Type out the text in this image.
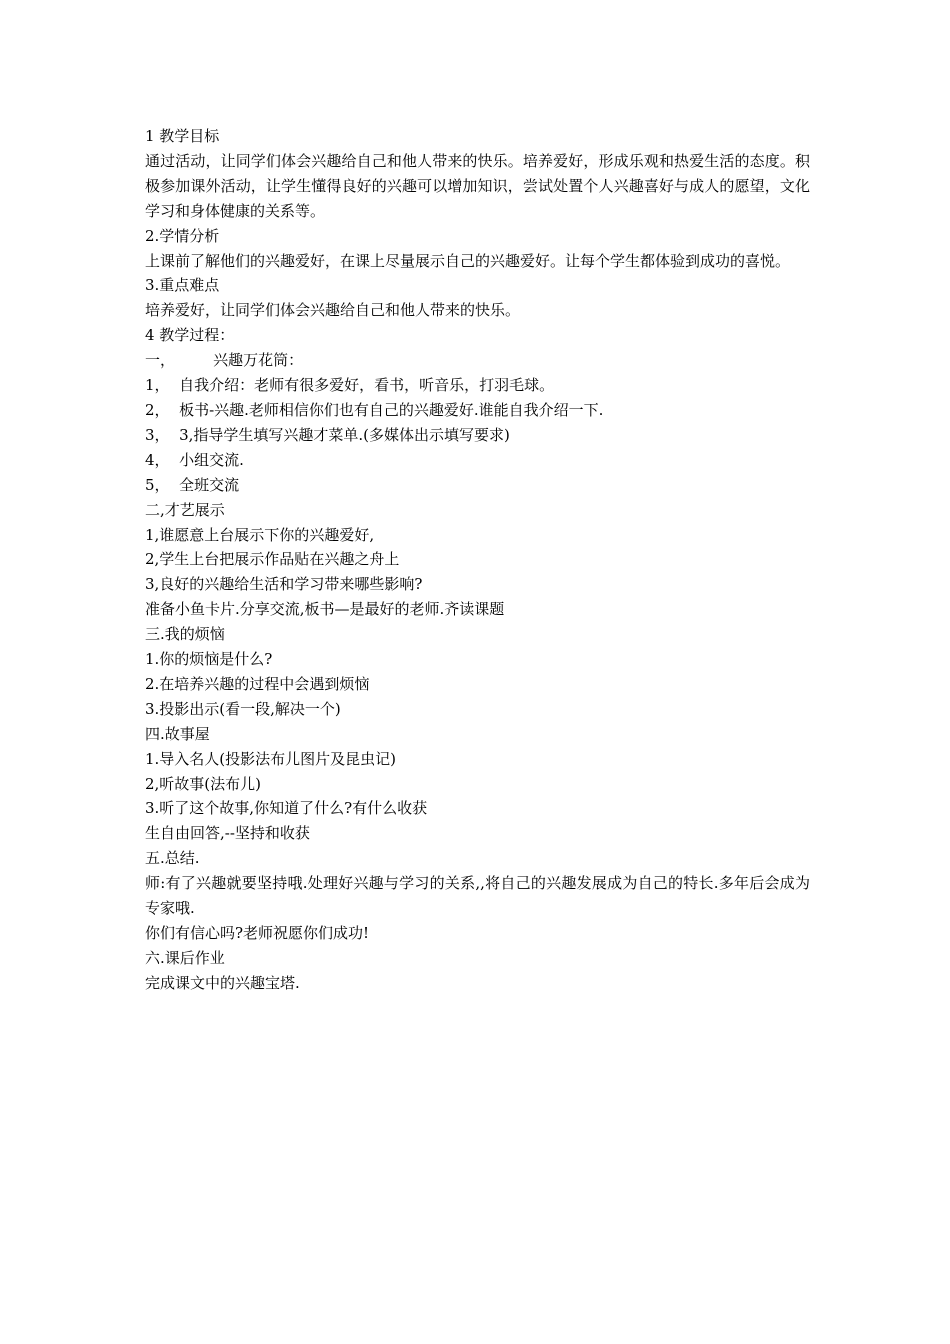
1 教学目标

通过活动，让同学们体会兴趣给自己和他人带来的快乐。培养爱好，形成乐观和热爱生活的态度。积极参加课外活动，让学生懂得良好的兴趣可以增加知识，尝试处置个人兴趣喜好与成人的愿望，文化学习和身体健康的关系等。

2.学情分析

上课前了解他们的兴趣爱好，在课上尽量展示自己的兴趣爱好。让每个学生都体验到成功的喜悦。

3.重点难点

培养爱好，让同学们体会兴趣给自己和他人带来的快乐。

4 教学过程：

一，        兴趣万花筒：

1，  自我介绍：老师有很多爱好，看书，听音乐，打羽毛球。

2，  板书-兴趣.老师相信你们也有自己的兴趣爱好.谁能自我介绍一下.

3，  3,指导学生填写兴趣才菜单.(多媒体出示填写要求)

4，  小组交流.

5，  全班交流

二,才艺展示

1,谁愿意上台展示下你的兴趣爱好,

2,学生上台把展示作品贴在兴趣之舟上

3,良好的兴趣给生活和学习带来哪些影响?

准备小鱼卡片.分享交流,板书—是最好的老师.齐读课题

三.我的烦恼

1.你的烦恼是什么?

2.在培养兴趣的过程中会遇到烦恼

3.投影出示(看一段,解决一个)

四.故事屋

1.导入名人(投影法布儿图片及昆虫记)

2,听故事(法布儿)

3.听了这个故事,你知道了什么?有什么收获

生自由回答,--坚持和收获

五.总结.

师:有了兴趣就要坚持哦.处理好兴趣与学习的关系,,将自己的兴趣发展成为自己的特长.多年后会成为专家哦.

你们有信心吗?老师祝愿你们成功!

六.课后作业

完成课文中的兴趣宝塔.
